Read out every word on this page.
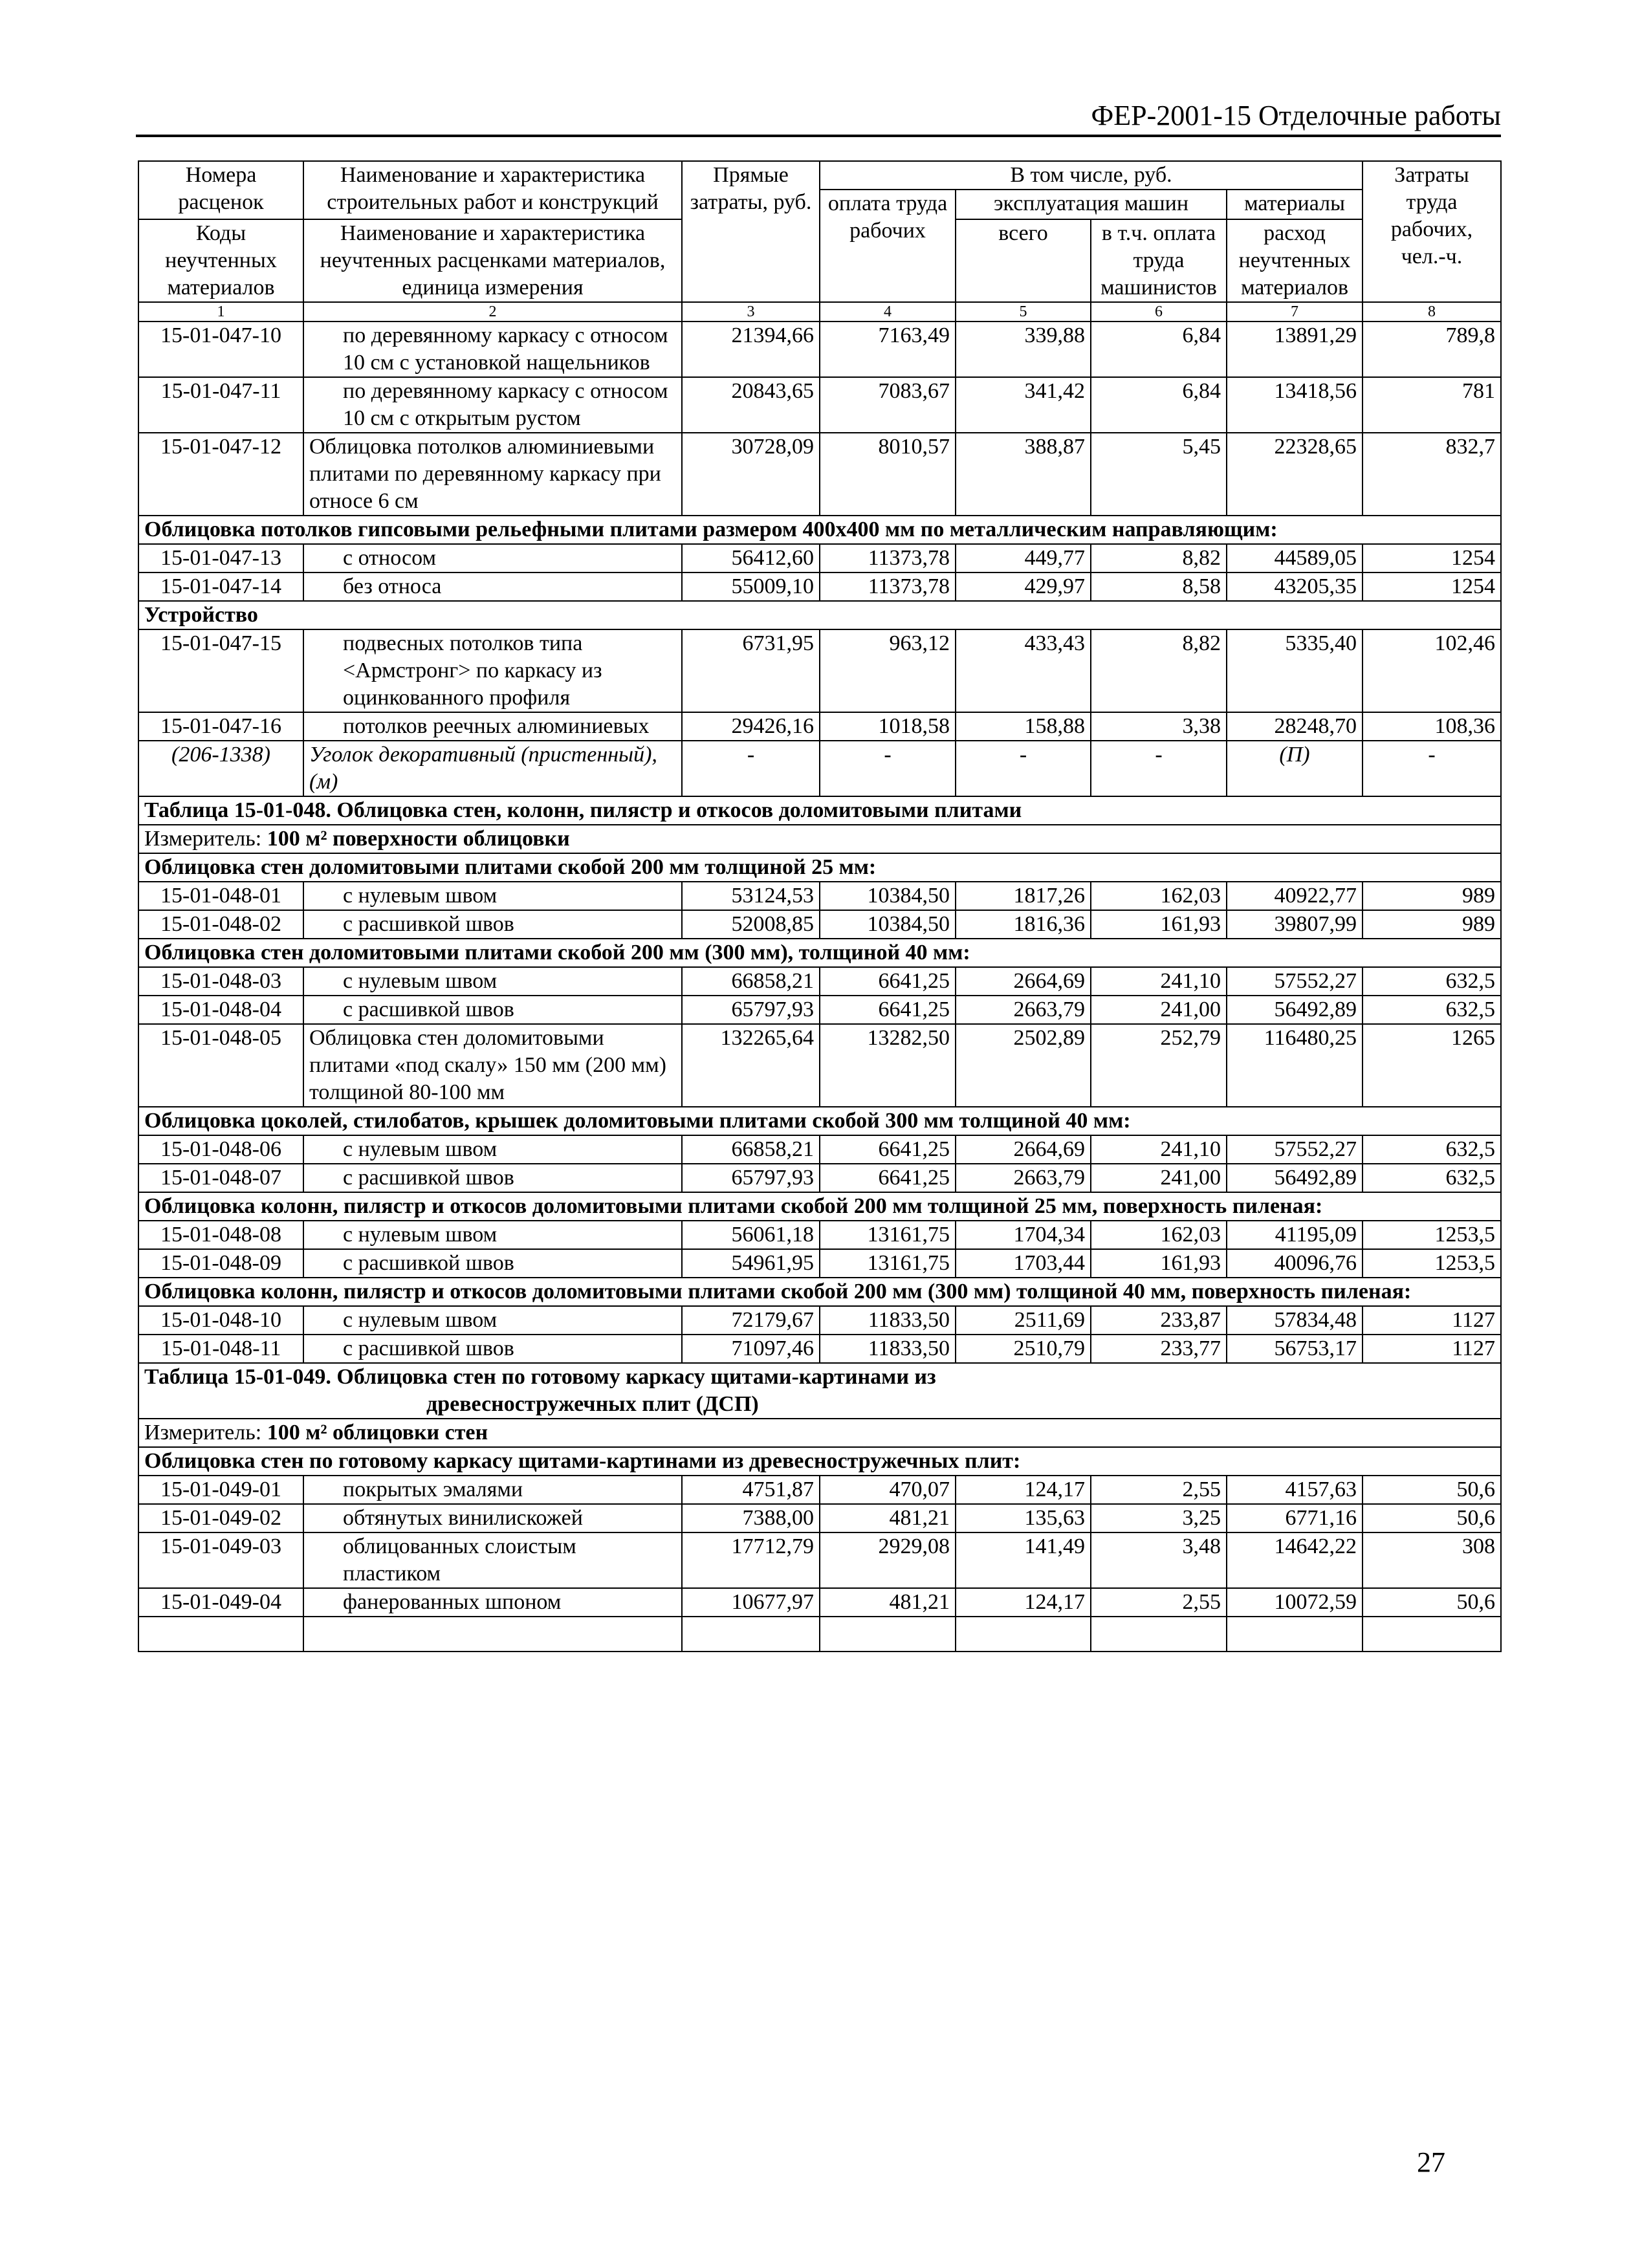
ФЕР-2001-15 Отделочные работы
Номера расценок	Наименование и характеристика строительных работ и конструкций	Прямые затраты, руб.	В том числе, руб.				Затраты труда рабочих, чел.-ч.
			оплата труда рабочих	эксплуатация машин		материалы	
Коды неучтенных материалов	Наименование и характеристика неучтенных расценками материалов, единица измерения			всего	в т.ч. оплата труда машинистов	расход неучтенных материалов	

1	2	3	4	5	6	7	8
15-01-047-10	по деревянному каркасу с относом 10 см с установкой нащельников	21394,66	7163,49	339,88	6,84	13891,29	789,8
15-01-047-11	по деревянному каркасу с относом 10 см с открытым рустом	20843,65	7083,67	341,42	6,84	13418,56	781
15-01-047-12	Облицовка потолков алюминиевыми плитами по деревянному каркасу при относе 6 см	30728,09	8010,57	388,87	5,45	22328,65	832,7
Облицовка потолков гипсовыми рельефными плитами размером 400х400 мм по металлическим направляющим:							
15-01-047-13	с относом	56412,60	11373,78	449,77	8,82	44589,05	1254
15-01-047-14	без относа	55009,10	11373,78	429,97	8,58	43205,35	1254
Устройство							
15-01-047-15	подвесных потолков типа <Армстронг> по каркасу из оцинкованного профиля	6731,95	963,12	433,43	8,82	5335,40	102,46
15-01-047-16	потолков реечных алюминиевых	29426,16	1018,58	158,88	3,38	28248,70	108,36
(206-1338)	Уголок декоративный (пристенный), (м)	-	-	-	-	(П)	-
Таблица 15-01-048. Облицовка стен, колонн, пилястр и откосов доломитовыми плитами							
Измеритель: 100 м² поверхности облицовки							
Облицовка стен доломитовыми плитами скобой 200 мм толщиной 25 мм:							
15-01-048-01	с нулевым швом	53124,53	10384,50	1817,26	162,03	40922,77	989
15-01-048-02	с расшивкой швов	52008,85	10384,50	1816,36	161,93	39807,99	989
Облицовка стен доломитовыми плитами скобой 200 мм (300 мм), толщиной 40 мм:							
15-01-048-03	с нулевым швом	66858,21	6641,25	2664,69	241,10	57552,27	632,5
15-01-048-04	с расшивкой швов	65797,93	6641,25	2663,79	241,00	56492,89	632,5
15-01-048-05	Облицовка стен доломитовыми плитами «под скалу» 150 мм (200 мм) толщиной 80-100 мм	132265,64	13282,50	2502,89	252,79	116480,25	1265
Облицовка цоколей, стилобатов, крышек доломитовыми плитами скобой 300 мм толщиной 40 мм:							
15-01-048-06	с нулевым швом	66858,21	6641,25	2664,69	241,10	57552,27	632,5
15-01-048-07	с расшивкой швов	65797,93	6641,25	2663,79	241,00	56492,89	632,5
Облицовка колонн, пилястр и откосов доломитовыми плитами скобой 200 мм толщиной 25 мм, поверхность пиленая:							
15-01-048-08	с нулевым швом	56061,18	13161,75	1704,34	162,03	41195,09	1253,5
15-01-048-09	с расшивкой швов	54961,95	13161,75	1703,44	161,93	40096,76	1253,5
Облицовка колонн, пилястр и откосов доломитовыми плитами скобой 200 мм (300 мм) толщиной 40 мм, поверхность пиленая:							
15-01-048-10	с нулевым швом	72179,67	11833,50	2511,69	233,87	57834,48	1127
15-01-048-11	с расшивкой швов	71097,46	11833,50	2510,79	233,77	56753,17	1127
Таблица 15-01-049. Облицовка стен по готовому каркасу щитами-картинами из
древесностружечных плит (ДСП)							

Измеритель: 100 м² облицовки стен							
Облицовка стен по готовому каркасу щитами-картинами из древесностружечных плит:							
15-01-049-01	покрытых эмалями	4751,87	470,07	124,17	2,55	4157,63	50,6
15-01-049-02	обтянутых винилискожей	7388,00	481,21	135,63	3,25	6771,16	50,6
15-01-049-03	облицованных слоистым пластиком	17712,79	2929,08	141,49	3,48	14642,22	308
15-01-049-04	фанерованных шпоном	10677,97	481,21	124,17	2,55	10072,59	50,6

27
